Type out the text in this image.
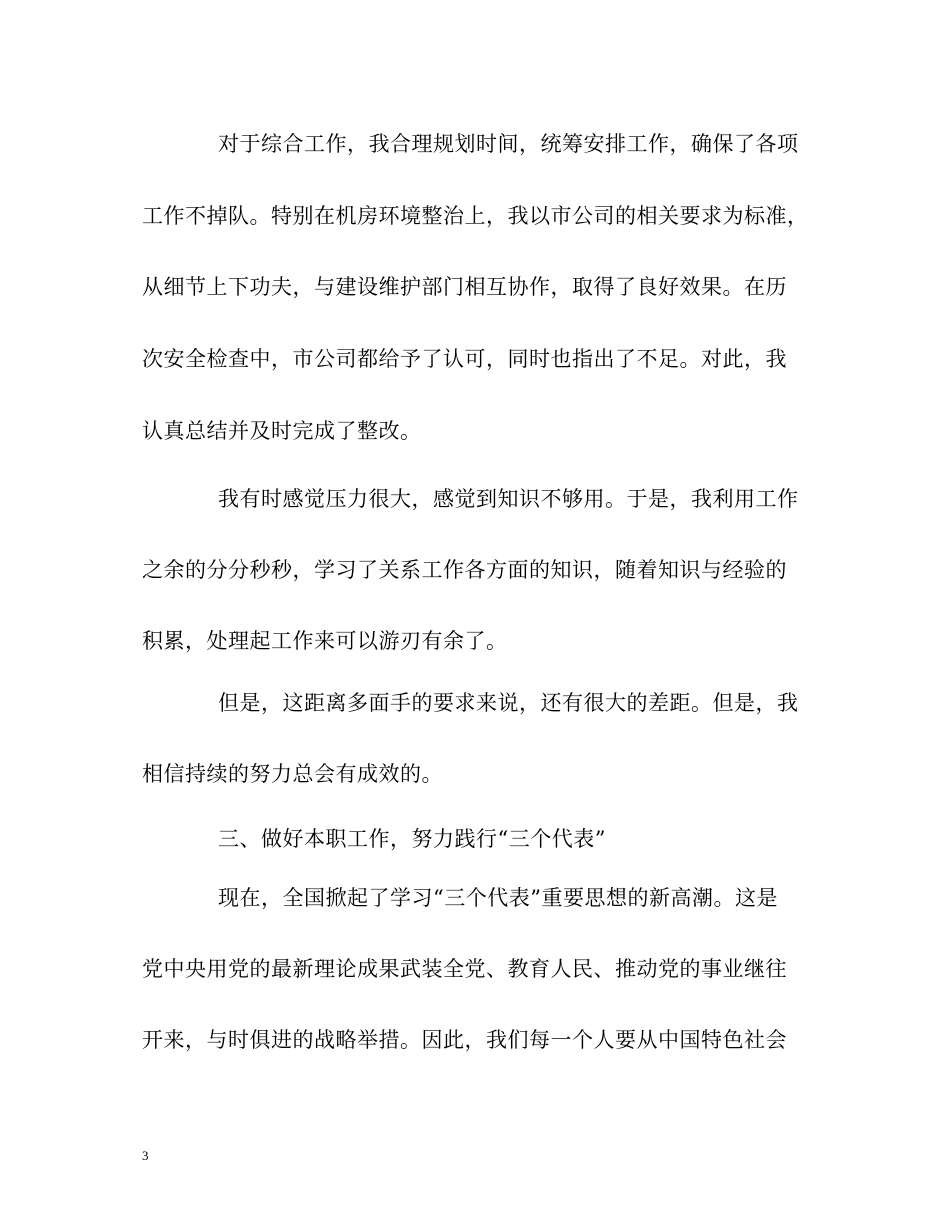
对于综合工作，我合理规划时间，统筹安排工作，确保了各项
工作不掉队。特别在机房环境整治上，我以市公司的相关要求为标准，
从细节上下功夫，与建设维护部门相互协作，取得了良好效果。在历
次安全检查中，市公司都给予了认可，同时也指出了不足。对此，我
认真总结并及时完成了整改。
我有时感觉压力很大，感觉到知识不够用。于是，我利用工作
之余的分分秒秒，学习了关系工作各方面的知识，随着知识与经验的
积累，处理起工作来可以游刃有余了。
但是，这距离多面手的要求来说，还有很大的差距。但是，我
相信持续的努力总会有成效的。
三、做好本职工作，努力践行“三个代表”
现在，全国掀起了学习“三个代表”重要思想的新高潮。这是
党中央用党的最新理论成果武装全党、教育人民、推动党的事业继往
开来，与时俱进的战略举措。因此，我们每一个人要从中国特色社会
3
